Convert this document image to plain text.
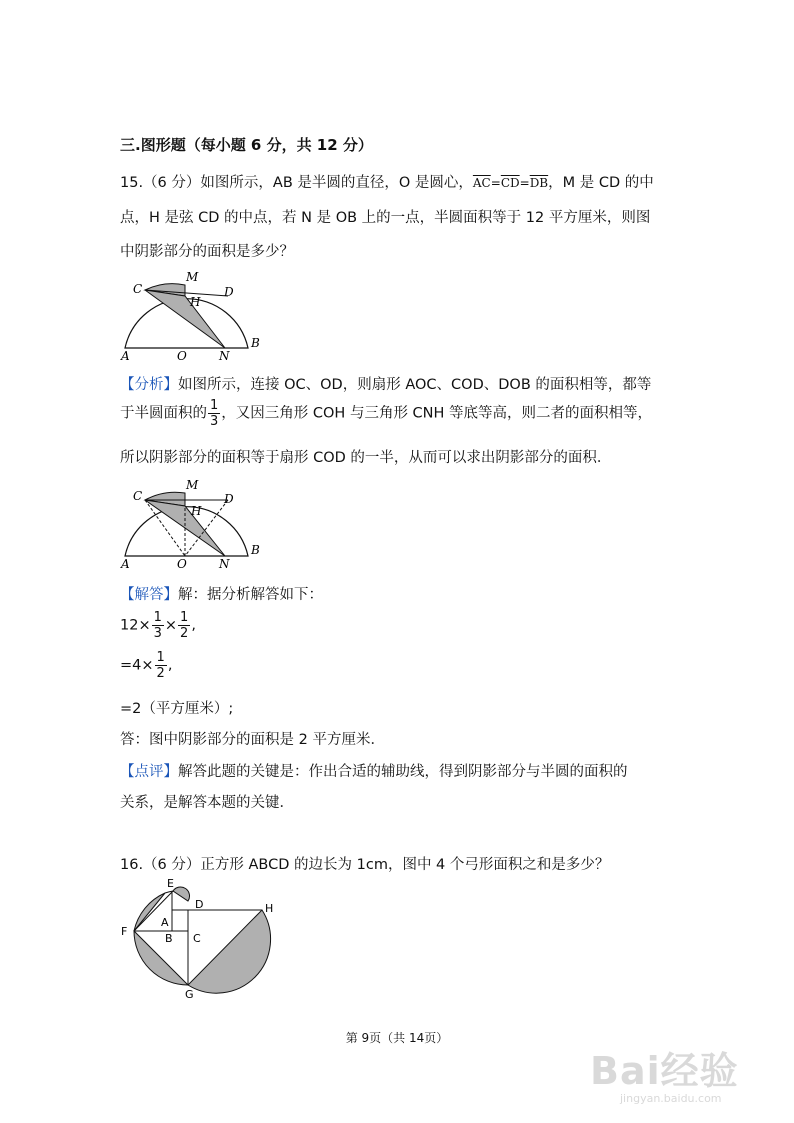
三.图形题（每小题 6 分，共 12 分）
15.（6 分）如图所示，AB 是半圆的直径，O 是圆心，$\overline{AC}=\overline{CD}=\overline{DB}$，M 是 CD 的中
点，H 是弦 CD 的中点，若 N 是 OB 上的一点，半圆面积等于 12 平方厘米，则图
中阴影部分的面积是多少？
A	O	N
B
C
M
H
D
【分析】如图所示，连接 OC、OD，则扇形 AOC、COD、DOB 的面积相等，都等
于半圆面积的 $\frac{1}{3}$ ，又因三角形 COH 与三角形 CNH 等底等高，则二者的面积相等，
所以阴影部分的面积等于扇形 COD 的一半，从而可以求出阴影部分的面积．
A	O	N
B
C
M
H
D
【解答】解：据分析解答如下：
$12\times \frac{1}{3} \times \frac{1}{2}$ ,
$=4\times \frac{1}{2}$ ,
=2（平方厘米）;
答：图中阴影部分的面积是 2 平方厘米．
【点评】解答此题的关键是：作出合适的辅助线，得到阴影部分与半圆的面积的
关系，是解答本题的关键．
16.（6 分）正方形 ABCD 的边长为 1cm，图中 4 个弓形面积之和是多少？
E
D	H
A
F
B C
G
第 9页（共 14页）
Bai经验
jingyan.baidu.com
